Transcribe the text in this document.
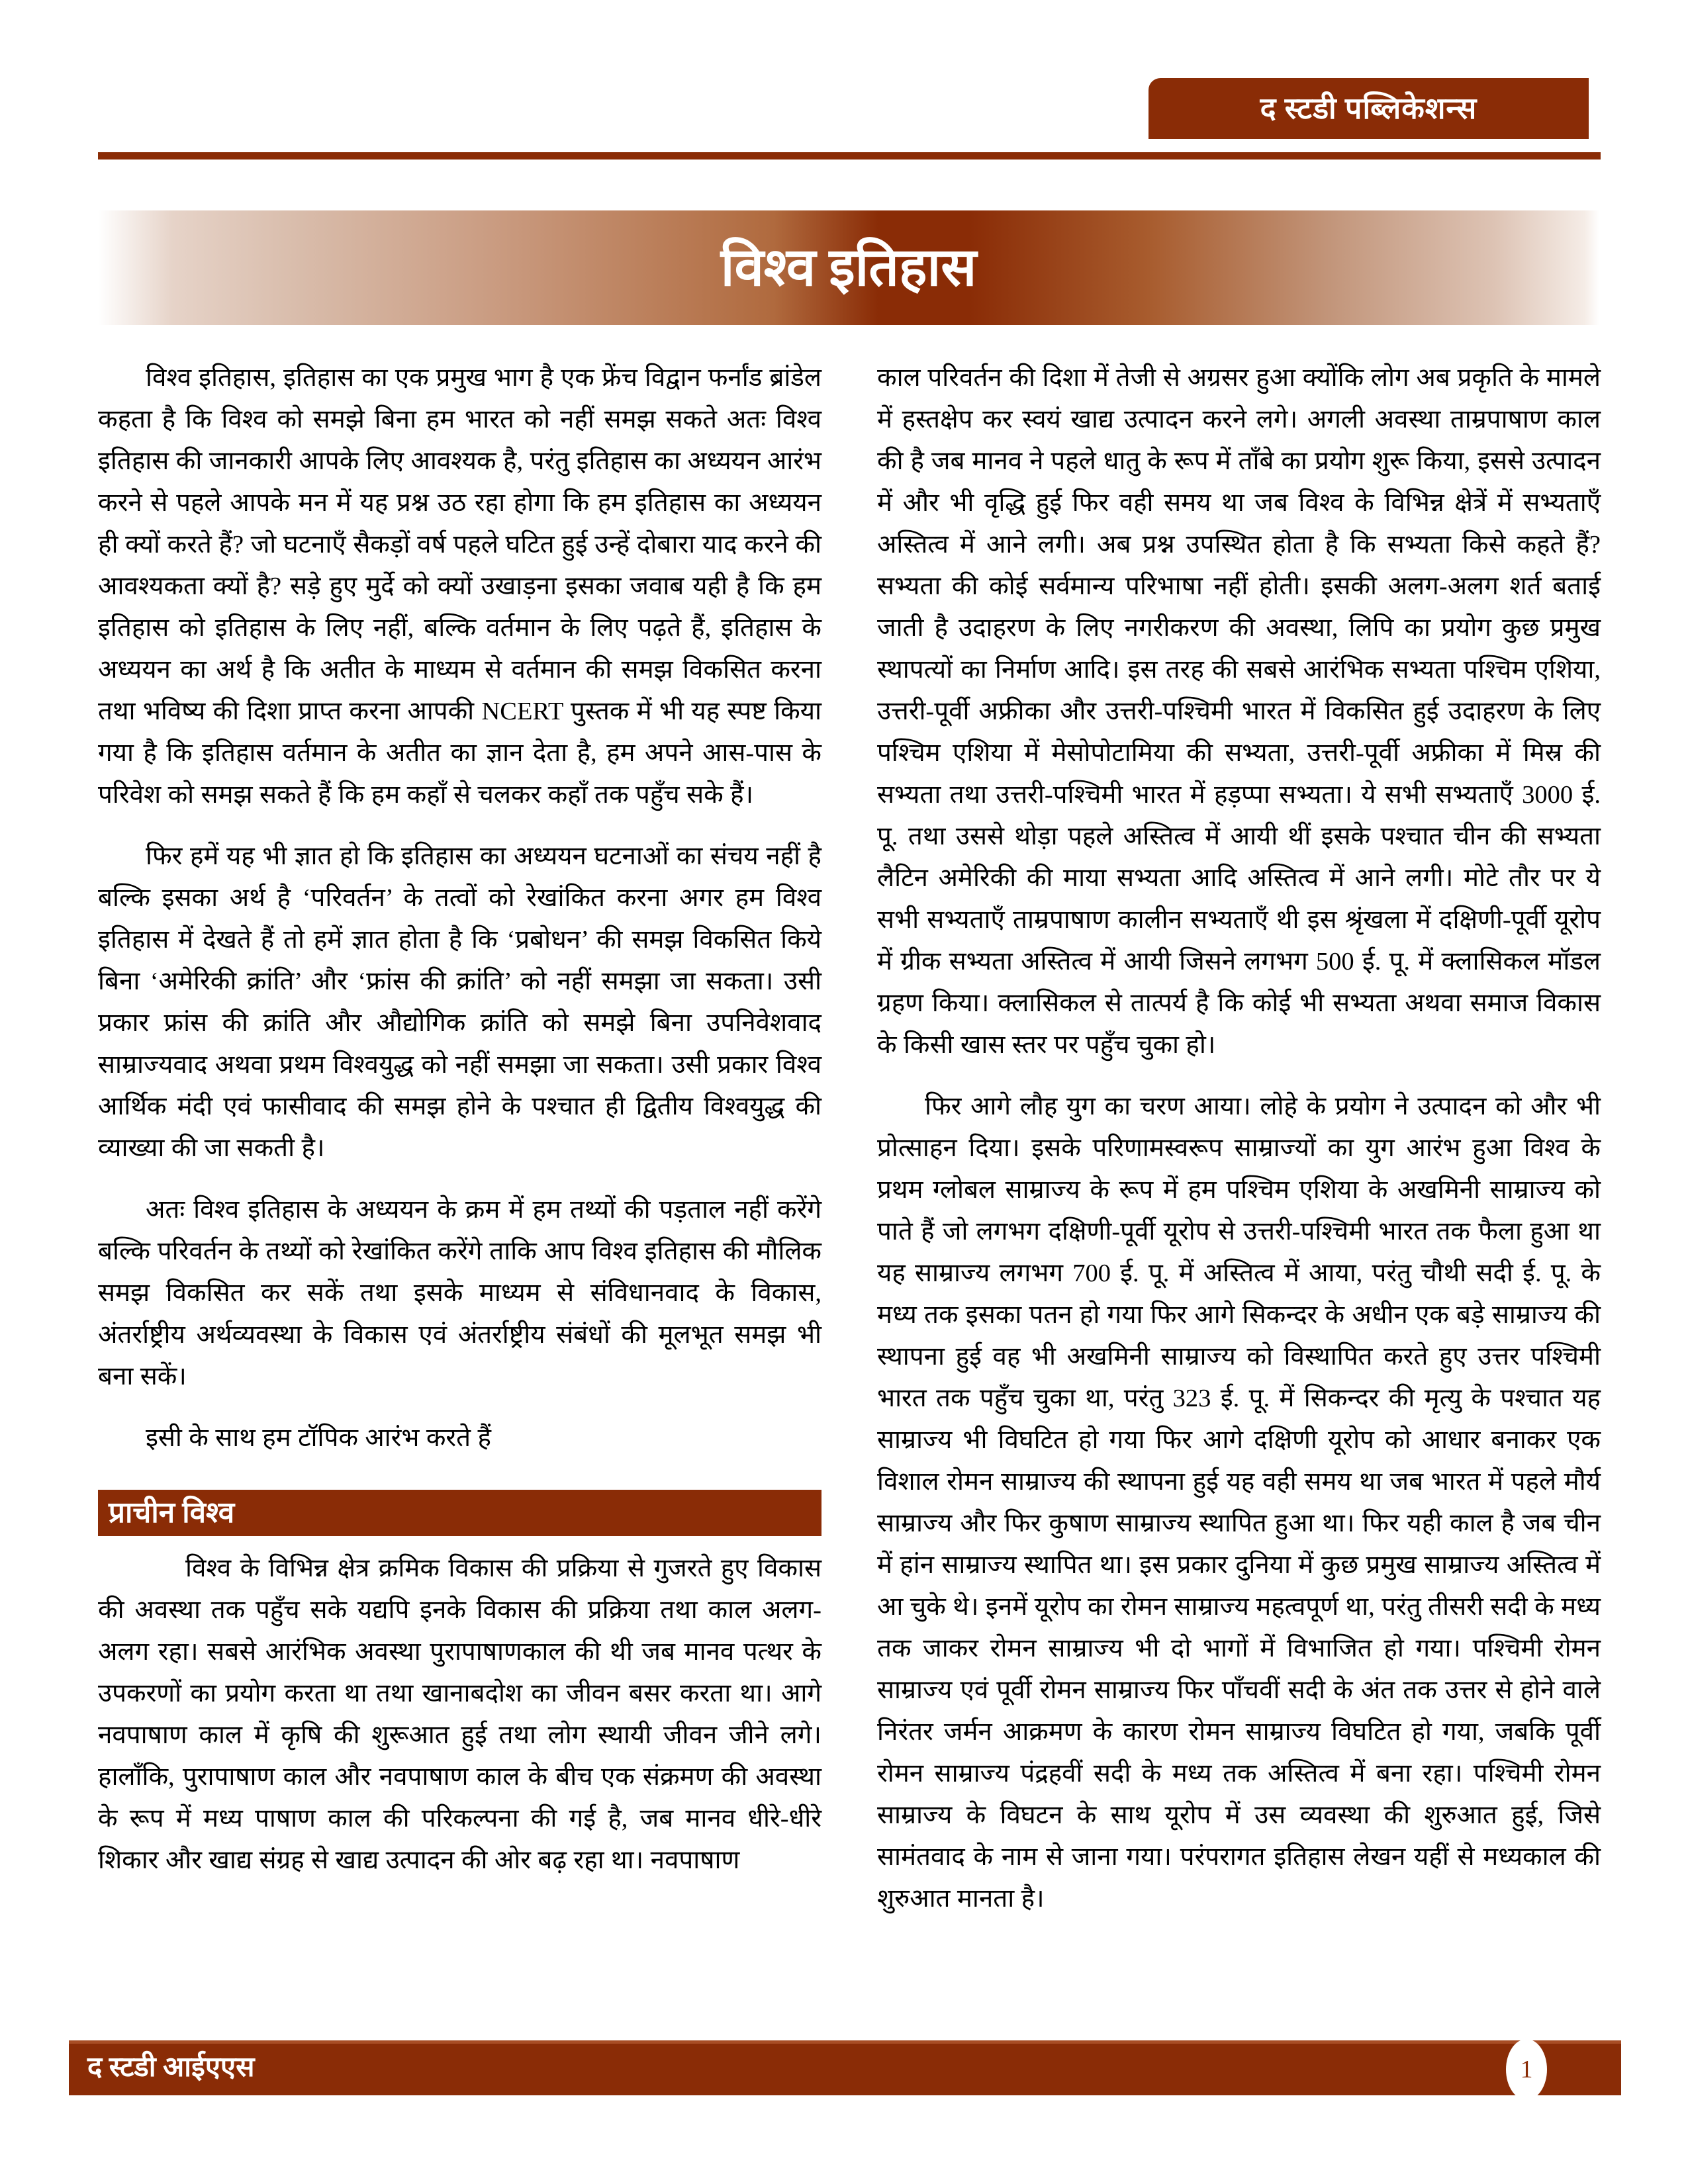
द स्टडी पब्लिकेशन्स
विश्व इतिहास

विश्व इतिहास, इतिहास का एक प्रमुख भाग है एक फ्रेंच विद्वान फर्नांड ब्रांडेल कहता है कि विश्व को समझे बिना हम भारत को नहीं समझ सकते अतः विश्व इतिहास की जानकारी आपके लिए आवश्यक है, परंतु इतिहास का अध्ययन आरंभ करने से पहले आपके मन में यह प्रश्न उठ रहा होगा कि हम इतिहास का अध्ययन ही क्यों करते हैं? जो घटनाएँ सैकड़ों वर्ष पहले घटित हुई उन्हें दोबारा याद करने की आवश्यकता क्यों है? सड़े हुए मुर्दे को क्यों उखाड़ना इसका जवाब यही है कि हम इतिहास को इतिहास के लिए नहीं, बल्कि वर्तमान के लिए पढ़ते हैं, इतिहास के अध्ययन का अर्थ है कि अतीत के माध्यम से वर्तमान की समझ विकसित करना तथा भविष्य की दिशा प्राप्त करना आपकी NCERT पुस्तक में भी यह स्पष्ट किया गया है कि इतिहास वर्तमान के अतीत का ज्ञान देता है, हम अपने आस-पास के परिवेश को समझ सकते हैं कि हम कहाँ से चलकर कहाँ तक पहुँच सके हैं।

फिर हमें यह भी ज्ञात हो कि इतिहास का अध्ययन घटनाओं का संचय नहीं है बल्कि इसका अर्थ है ‘परिवर्तन’ के तत्वों को रेखांकित करना अगर हम विश्व इतिहास में देखते हैं तो हमें ज्ञात होता है कि ‘प्रबोधन’ की समझ विकसित किये बिना ‘अमेरिकी क्रांति’ और ‘फ्रांस की क्रांति’ को नहीं समझा जा सकता। उसी प्रकार फ्रांस की क्रांति और औद्योगिक क्रांति को समझे बिना उपनिवेशवाद साम्राज्यवाद अथवा प्रथम विश्वयुद्ध को नहीं समझा जा सकता। उसी प्रकार विश्व आर्थिक मंदी एवं फासीवाद की समझ होने के पश्चात ही द्वितीय विश्वयुद्ध की व्याख्या की जा सकती है।

अतः विश्व इतिहास के अध्ययन के क्रम में हम तथ्यों की पड़ताल नहीं करेंगे बल्कि परिवर्तन के तथ्यों को रेखांकित करेंगे ताकि आप विश्व इतिहास की मौलिक समझ विकसित कर सकें तथा इसके माध्यम से संविधानवाद के विकास, अंतर्राष्ट्रीय अर्थव्यवस्था के विकास एवं अंतर्राष्ट्रीय संबंधों की मूलभूत समझ भी बना सकें।

इसी के साथ हम टॉपिक आरंभ करते हैं

प्राचीन विश्व

विश्व के विभिन्न क्षेत्र क्रमिक विकास की प्रक्रिया से गुजरते हुए विकास की अवस्था तक पहुँच सके यद्यपि इनके विकास की प्रक्रिया तथा काल अलग-अलग रहा। सबसे आरंभिक अवस्था पुरापाषाणकाल की थी जब मानव पत्थर के उपकरणों का प्रयोग करता था तथा खानाबदोश का जीवन बसर करता था। आगे नवपाषाण काल में कृषि की शुरूआत हुई तथा लोग स्थायी जीवन जीने लगे। हालाँकि, पुरापाषाण काल और नवपाषाण काल के बीच एक संक्रमण की अवस्था के रूप में मध्य पाषाण काल की परिकल्पना की गई है, जब मानव धीरे-धीरे शिकार और खाद्य संग्रह से खाद्य उत्पादन की ओर बढ़ रहा था। नवपाषाण

काल परिवर्तन की दिशा में तेजी से अग्रसर हुआ क्योंकि लोग अब प्रकृति के मामले में हस्तक्षेप कर स्वयं खाद्य उत्पादन करने लगे। अगली अवस्था ताम्रपाषाण काल की है जब मानव ने पहले धातु के रूप में ताँबे का प्रयोग शुरू किया, इससे उत्पादन में और भी वृद्धि हुई फिर वही समय था जब विश्व के विभिन्न क्षेत्रें में सभ्यताएँ अस्तित्व में आने लगी। अब प्रश्न उपस्थित होता है कि सभ्यता किसे कहते हैं? सभ्यता की कोई सर्वमान्य परिभाषा नहीं होती। इसकी अलग-अलग शर्त बताई जाती है उदाहरण के लिए नगरीकरण की अवस्था, लिपि का प्रयोग कुछ प्रमुख स्थापत्यों का निर्माण आदि। इस तरह की सबसे आरंभिक सभ्यता पश्चिम एशिया, उत्तरी-पूर्वी अफ्रीका और उत्तरी-पश्चिमी भारत में विकसित हुई उदाहरण के लिए पश्चिम एशिया में मेसोपोटामिया की सभ्यता, उत्तरी-पूर्वी अफ्रीका में मिस्र की सभ्यता तथा उत्तरी-पश्चिमी भारत में हड़प्पा सभ्यता। ये सभी सभ्यताएँ 3000 ई. पू. तथा उससे थोड़ा पहले अस्तित्व में आयी थीं इसके पश्चात चीन की सभ्यता लैटिन अमेरिकी की माया सभ्यता आदि अस्तित्व में आने लगी। मोटे तौर पर ये सभी सभ्यताएँ ताम्रपाषाण कालीन सभ्यताएँ थी इस श्रृंखला में दक्षिणी-पूर्वी यूरोप में ग्रीक सभ्यता अस्तित्व में आयी जिसने लगभग 500 ई. पू. में क्लासिकल मॉडल ग्रहण किया। क्लासिकल से तात्पर्य है कि कोई भी सभ्यता अथवा समाज विकास के किसी खास स्तर पर पहुँच चुका हो।

फिर आगे लौह युग का चरण आया। लोहे के प्रयोग ने उत्पादन को और भी प्रोत्साहन दिया। इसके परिणामस्वरूप साम्राज्यों का युग आरंभ हुआ विश्व के प्रथम ग्लोबल साम्राज्य के रूप में हम पश्चिम एशिया के अखमिनी साम्राज्य को पाते हैं जो लगभग दक्षिणी-पूर्वी यूरोप से उत्तरी-पश्चिमी भारत तक फैला हुआ था यह साम्राज्य लगभग 700 ई. पू. में अस्तित्व में आया, परंतु चौथी सदी ई. पू. के मध्य तक इसका पतन हो गया फिर आगे सिकन्दर के अधीन एक बड़े साम्राज्य की स्थापना हुई वह भी अखमिनी साम्राज्य को विस्थापित करते हुए उत्तर पश्चिमी भारत तक पहुँच चुका था, परंतु 323 ई. पू. में सिकन्दर की मृत्यु के पश्चात यह साम्राज्य भी विघटित हो गया फिर आगे दक्षिणी यूरोप को आधार बनाकर एक विशाल रोमन साम्राज्य की स्थापना हुई यह वही समय था जब भारत में पहले मौर्य साम्राज्य और फिर कुषाण साम्राज्य स्थापित हुआ था। फिर यही काल है जब चीन में हांन साम्राज्य स्थापित था। इस प्रकार दुनिया में कुछ प्रमुख साम्राज्य अस्तित्व में आ चुके थे। इनमें यूरोप का रोमन साम्राज्य महत्वपूर्ण था, परंतु तीसरी सदी के मध्य तक जाकर रोमन साम्राज्य भी दो भागों में विभाजित हो गया। पश्चिमी रोमन साम्राज्य एवं पूर्वी रोमन साम्राज्य फिर पाँचवीं सदी के अंत तक उत्तर से होने वाले निरंतर जर्मन आक्रमण के कारण रोमन साम्राज्य विघटित हो गया, जबकि पूर्वी रोमन साम्राज्य पंद्रहवीं सदी के मध्य तक अस्तित्व में बना रहा। पश्चिमी रोमन साम्राज्य के विघटन के साथ यूरोप में उस व्यवस्था की शुरुआत हुई, जिसे सामंतवाद के नाम से जाना गया। परंपरागत इतिहास लेखन यहीं से मध्यकाल की शुरुआत मानता है।

द स्टडी आईएएस	1
